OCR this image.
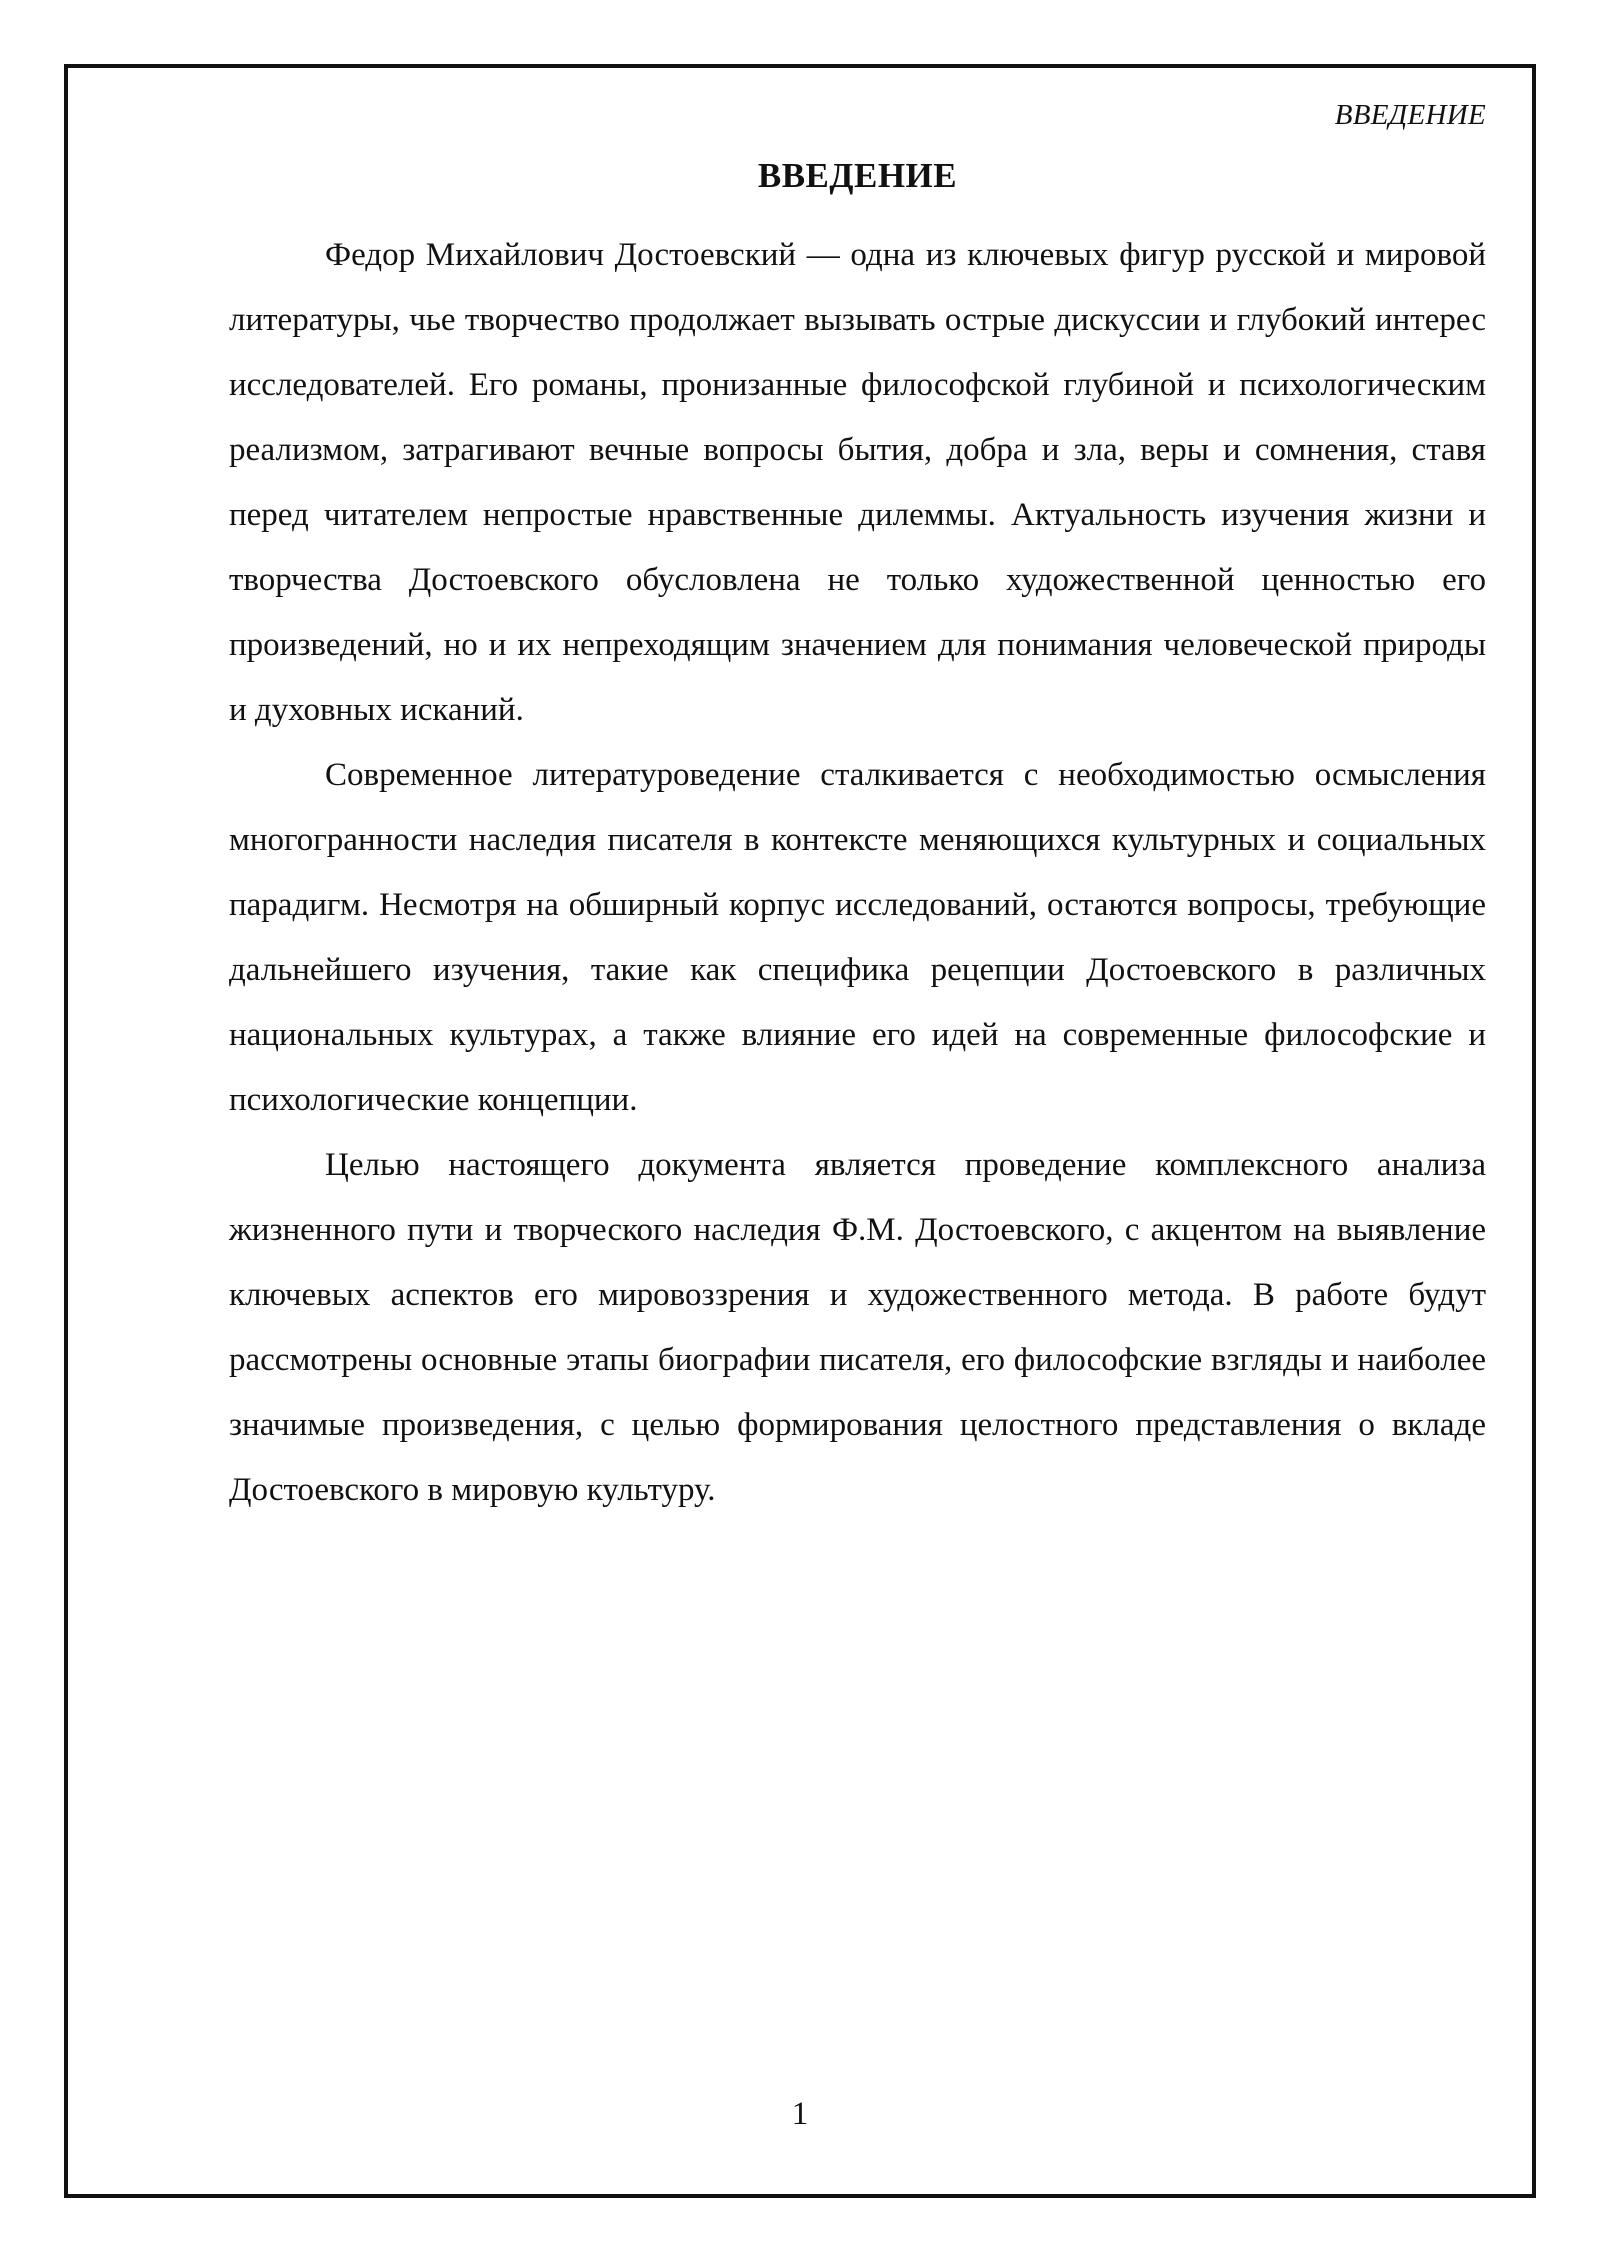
ВВЕДЕНИЕ
ВВЕДЕНИЕ

Федор Михайлович Достоевский — одна из ключевых фигур русской и мировой литературы, чье творчество продолжает вызывать острые дискуссии и глубокий интерес исследователей. Его романы, пронизанные философской глубиной и психологическим реализмом, затрагивают вечные вопросы бытия, добра и зла, веры и сомнения, ставя перед читателем непростые нравственные дилеммы. Актуальность изучения жизни и творчества Достоевского обусловлена не только художественной ценностью его произведений, но и их непреходящим значением для понимания человеческой природы и духовных исканий.

Современное литературоведение сталкивается с необходимостью осмысления многогранности наследия писателя в контексте меняющихся культурных и социальных парадигм. Несмотря на обширный корпус исследований, остаются вопросы, требующие дальнейшего изучения, такие как специфика рецепции Достоевского в различных национальных культурах, а также влияние его идей на современные философские и психологические концепции.

Целью настоящего документа является проведение комплексного анализа жизненного пути и творческого наследия Ф.М. Достоевского, с акцентом на выявление ключевых аспектов его мировоззрения и художественного метода. В работе будут рассмотрены основные этапы биографии писателя, его философские взгляды и наиболее значимые произведения, с целью формирования целостного представления о вкладе Достоевского в мировую культуру.

1
